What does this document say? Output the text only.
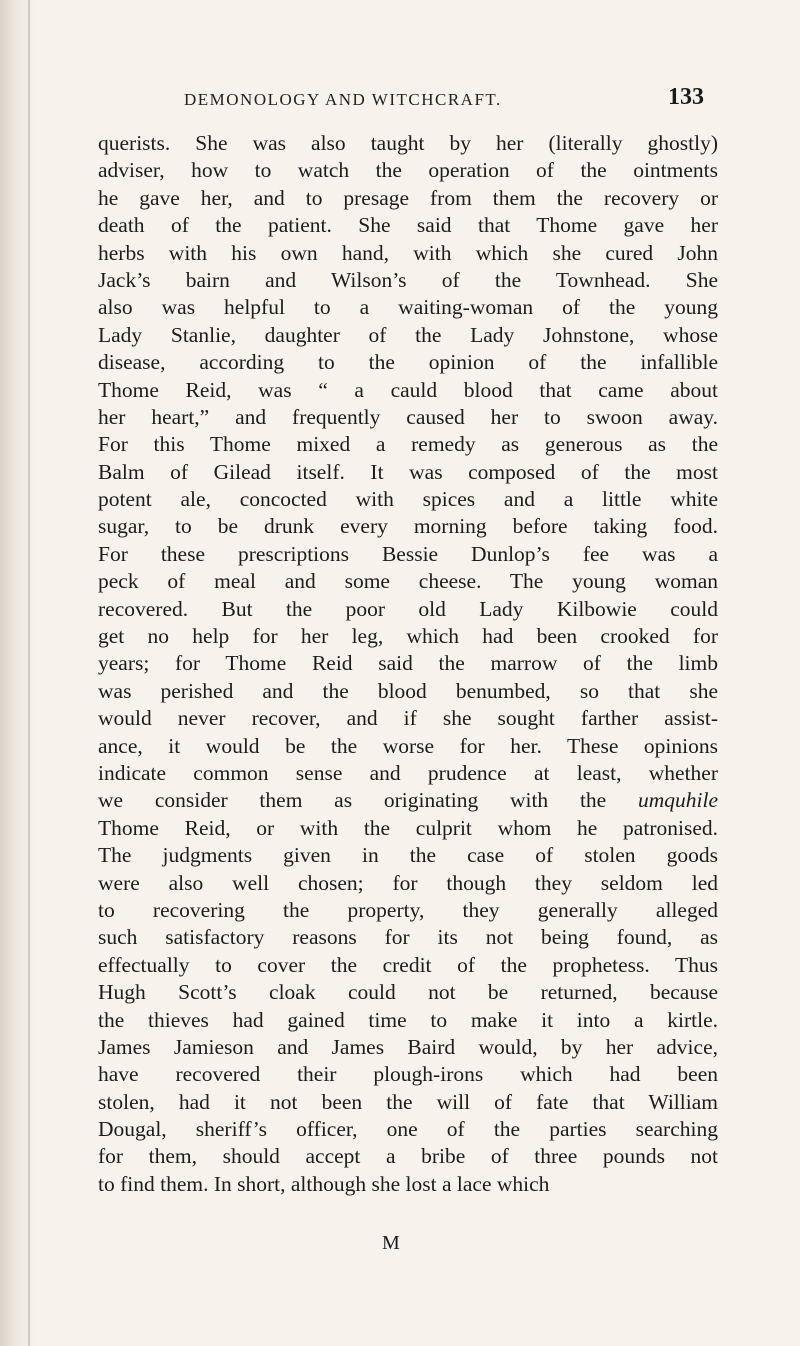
DEMONOLOGY AND WITCHCRAFT.	133
querists. She was also taught by her (literally ghostly)
adviser, how to watch the operation of the ointments
he gave her, and to presage from them the recovery or
death of the patient. She said that Thome gave her
herbs with his own hand, with which she cured John
Jack’s bairn and Wilson’s of the Townhead. She
also was helpful to a waiting-woman of the young
Lady Stanlie, daughter of the Lady Johnstone, whose
disease, according to the opinion of the infallible
Thome Reid, was “ a cauld blood that came about
her heart,” and frequently caused her to swoon away.
For this Thome mixed a remedy as generous as the
Balm of Gilead itself. It was composed of the most
potent ale, concocted with spices and a little white
sugar, to be drunk every morning before taking food.
For these prescriptions Bessie Dunlop’s fee was a
peck of meal and some cheese. The young woman
recovered. But the poor old Lady Kilbowie could
get no help for her leg, which had been crooked for
years; for Thome Reid said the marrow of the limb
was perished and the blood benumbed, so that she
would never recover, and if she sought farther assist-
ance, it would be the worse for her. These opinions
indicate common sense and prudence at least, whether
we consider them as originating with the umquhile
Thome Reid, or with the culprit whom he patronised.
The judgments given in the case of stolen goods
were also well chosen; for though they seldom led
to recovering the property, they generally alleged
such satisfactory reasons for its not being found, as
effectually to cover the credit of the prophetess. Thus
Hugh Scott’s cloak could not be returned, because
the thieves had gained time to make it into a kirtle.
James Jamieson and James Baird would, by her advice,
have recovered their plough-irons which had been
stolen, had it not been the will of fate that William
Dougal, sheriff’s officer, one of the parties searching
for them, should accept a bribe of three pounds not
to find them. In short, although she lost a lace which
M
